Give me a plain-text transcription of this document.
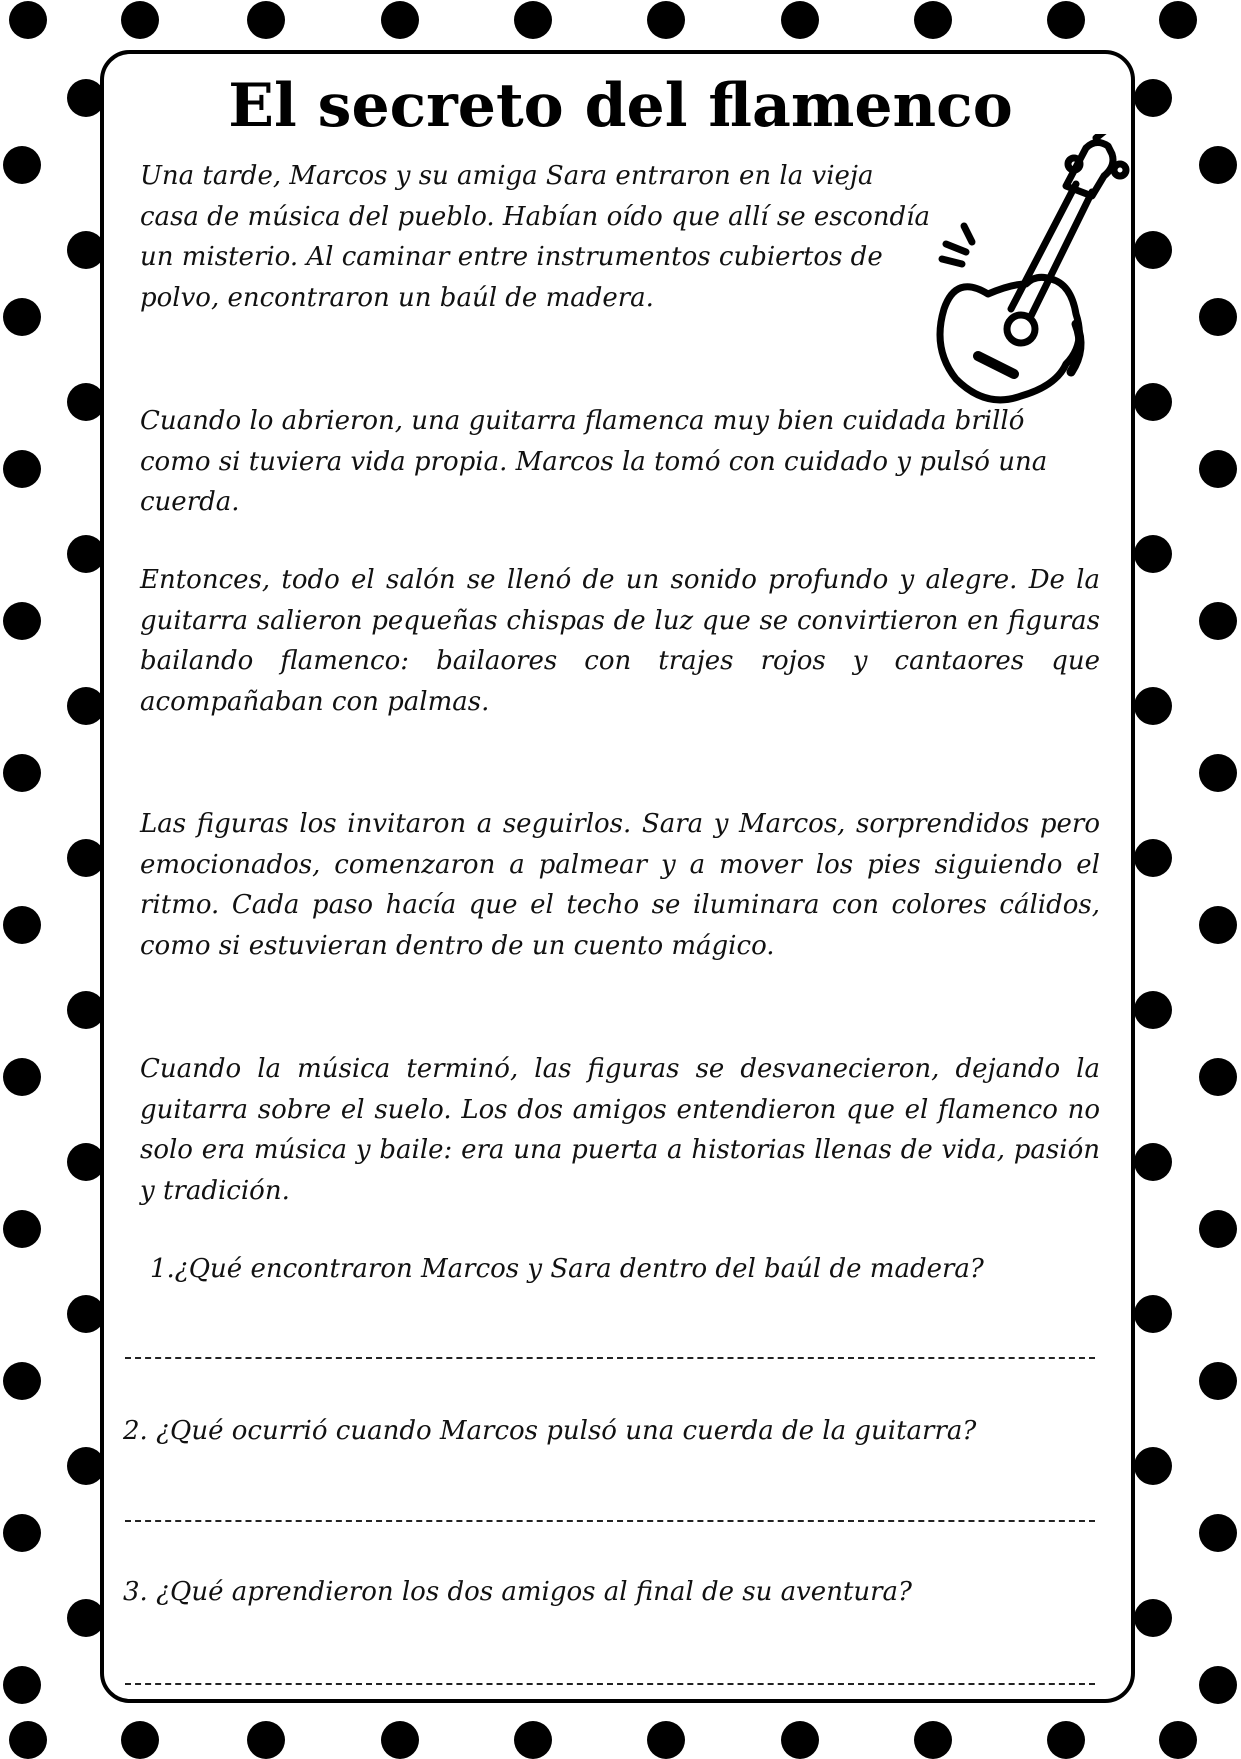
El secreto del flamenco

Una tarde, Marcos y su amiga Sara entraron en la vieja casa de música del pueblo. Habían oído que allí se escondía un misterio. Al caminar entre instrumentos cubiertos de polvo, encontraron un baúl de madera.

Cuando lo abrieron, una guitarra flamenca muy bien cuidada brilló como si tuviera vida propia. Marcos la tomó con cuidado y pulsó una cuerda.

Entonces, todo el salón se llenó de un sonido profundo y alegre. De la guitarra salieron pequeñas chispas de luz que se convirtieron en figuras bailando flamenco: bailaores con trajes rojos y cantaores que acompañaban con palmas.

Las figuras los invitaron a seguirlos. Sara y Marcos, sorprendidos pero emocionados, comenzaron a palmear y a mover los pies siguiendo el ritmo. Cada paso hacía que el techo se iluminara con colores cálidos, como si estuvieran dentro de un cuento mágico.

Cuando la música terminó, las figuras se desvanecieron, dejando la guitarra sobre el suelo. Los dos amigos entendieron que el flamenco no solo era música y baile: era una puerta a historias llenas de vida, pasión y tradición.

1.¿Qué encontraron Marcos y Sara dentro del baúl de madera?

2. ¿Qué ocurrió cuando Marcos pulsó una cuerda de la guitarra?

3. ¿Qué aprendieron los dos amigos al final de su aventura?
